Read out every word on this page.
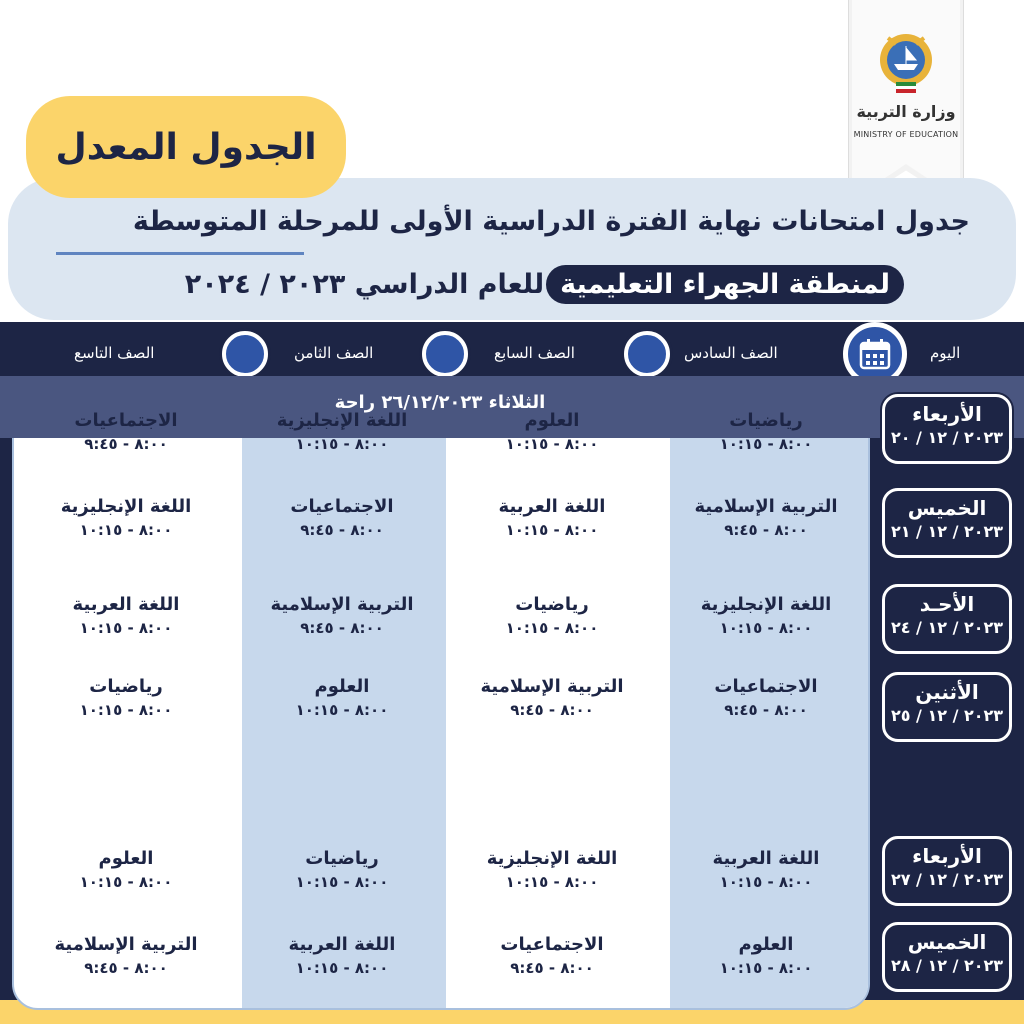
وزارة التربية
MINISTRY OF EDUCATION
الجدول المعدل
جدول امتحانات نهاية الفترة الدراسية الأولى للمرحلة المتوسطة
لمنطقة الجهراء التعليمية
للعام الدراسي ٢٠٢٣ / ٢٠٢٤
اليوم
الصف السادس
الصف السابع
الصف الثامن
الصف التاسع
الثلاثاء ٢٦/١٢/٢٠٢٣ راحة	الأربعاء
٢٠٢٣ / ١٢ / ٢٠
الخميس
٢٠٢٣ / ١٢ / ٢١
الأحـد
٢٠٢٣ / ١٢ / ٢٤
الأثنين
٢٠٢٣ / ١٢ / ٢٥
الأربعاء
٢٠٢٣ / ١٢ / ٢٧
الخميس
٢٠٢٣ / ١٢ / ٢٨
رياضيات
٨:٠٠ - ١٠:١٥
العلوم
٨:٠٠ - ١٠:١٥
اللغة الإنجليزية
٨:٠٠ - ١٠:١٥
الاجتماعيات
٨:٠٠ - ٩:٤٥
التربية الإسلامية
٨:٠٠ - ٩:٤٥
اللغة العربية
٨:٠٠ - ١٠:١٥
الاجتماعيات
٨:٠٠ - ٩:٤٥
اللغة الإنجليزية
٨:٠٠ - ١٠:١٥
اللغة الإنجليزية
٨:٠٠ - ١٠:١٥
رياضيات
٨:٠٠ - ١٠:١٥
التربية الإسلامية
٨:٠٠ - ٩:٤٥
اللغة العربية
٨:٠٠ - ١٠:١٥
الاجتماعيات
٨:٠٠ - ٩:٤٥
التربية الإسلامية
٨:٠٠ - ٩:٤٥
العلوم
٨:٠٠ - ١٠:١٥
رياضيات
٨:٠٠ - ١٠:١٥
اللغة العربية
٨:٠٠ - ١٠:١٥
اللغة الإنجليزية
٨:٠٠ - ١٠:١٥
رياضيات
٨:٠٠ - ١٠:١٥
العلوم
٨:٠٠ - ١٠:١٥
العلوم
٨:٠٠ - ١٠:١٥
الاجتماعيات
٨:٠٠ - ٩:٤٥
اللغة العربية
٨:٠٠ - ١٠:١٥
التربية الإسلامية
٨:٠٠ - ٩:٤٥
